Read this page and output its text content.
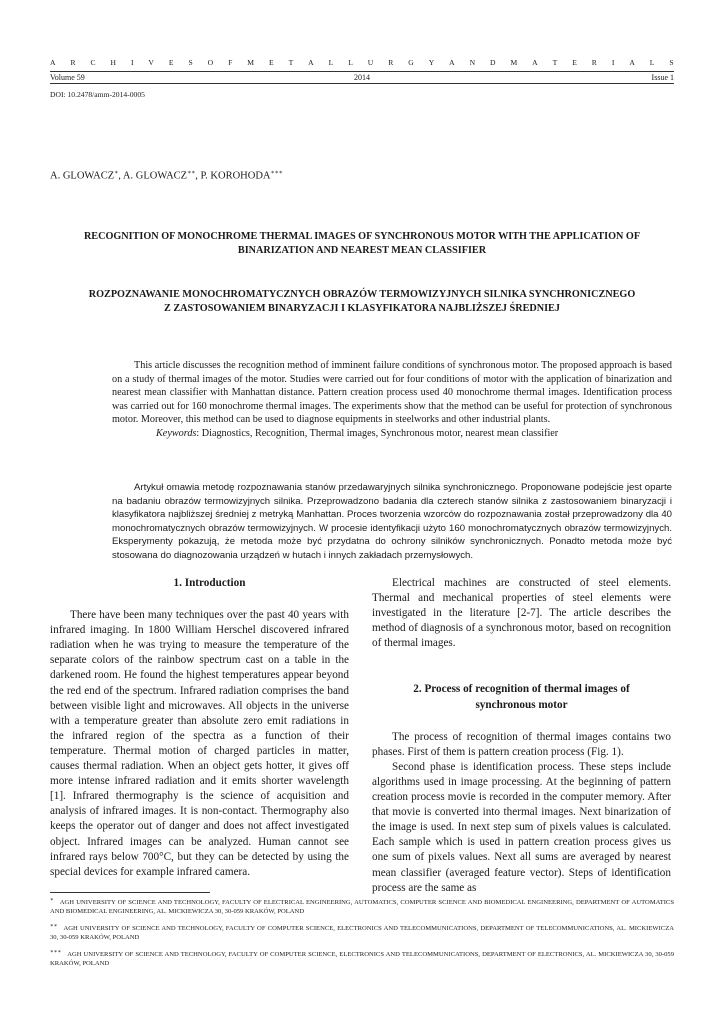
A R C H I V E S O F M E T A L L U R G Y A N D M A T E R I A L S
Volume 59	2014	Issue 1
DOI: 10.2478/amm-2014-0005
A. GLOWACZ∗, A. GLOWACZ∗∗, P. KOROHODA∗∗∗
RECOGNITION OF MONOCHROME THERMAL IMAGES OF SYNCHRONOUS MOTOR WITH THE APPLICATION OF
BINARIZATION AND NEAREST MEAN CLASSIFIER
ROZPOZNAWANIE MONOCHROMATYCZNYCH OBRAZÓW TERMOWIZYJNYCH SILNIKA SYNCHRONICZNEGO
Z ZASTOSOWANIEM BINARYZACJI I KLASYFIKATORA NAJBLIŻSZEJ ŚREDNIEJ

This article discusses the recognition method of imminent failure conditions of synchronous motor. The proposed approach is based on a study of thermal images of the motor. Studies were carried out for four conditions of motor with the application of binarization and nearest mean classifier with Manhattan distance. Pattern creation process used 40 monochrome thermal images. Identification process was carried out for 160 monochrome thermal images. The experiments show that the method can be useful for protection of synchronous motor. Moreover, this method can be used to diagnose equipments in steelworks and other industrial plants.

Keywords: Diagnostics, Recognition, Thermal images, Synchronous motor, nearest mean classifier

Artykuł omawia metodę rozpoznawania stanów przedawaryjnych silnika synchronicznego. Proponowane podejście jest oparte na badaniu obrazów termowizyjnych silnika. Przeprowadzono badania dla czterech stanów silnika z zastosowaniem binaryzacji i klasyfikatora najbliższej średniej z metryką Manhattan. Proces tworzenia wzorców do rozpoznawania został przeprowadzony dla 40 monochromatycznych obrazów termowizyjnych. W procesie identyfikacji użyto 160 monochromatycznych obrazów termowizyjnych. Eksperymenty pokazują, że metoda może być przydatna do ochrony silników synchronicznych. Ponadto metoda może być stosowana do diagnozowania urządzeń w hutach i innych zakładach przemysłowych.

1. Introduction

There have been many techniques over the past 40 years with infrared imaging. In 1800 William Herschel discovered infrared radiation when he was trying to measure the temperature of the separate colors of the rainbow spectrum cast on a table in the darkened room. He found the highest temperatures appear beyond the red end of the spectrum. Infrared radiation comprises the band between visible light and microwaves. All objects in the universe with a temperature greater than absolute zero emit radiations in the infrared region of the spectra as a function of their temperature. Thermal motion of charged particles in matter, causes thermal radiation. When an object gets hotter, it gives off more intense infrared radiation and it emits shorter wavelength [1]. Infrared thermography is the science of acquisition and analysis of infrared images. It is non-contact. Thermography also keeps the operator out of danger and does not affect investigated object. Infrared images can be analyzed. Human cannot see infrared rays below 700°C, but they can be detected by using the special devices for example infrared camera.

Electrical machines are constructed of steel elements. Thermal and mechanical properties of steel elements were investigated in the literature [2-7]. The article describes the method of diagnosis of a synchronous motor, based on recognition of thermal images.

2. Process of recognition of thermal images of
synchronous motor

The process of recognition of thermal images contains two phases. First of them is pattern creation process (Fig. 1).

Second phase is identification process. These steps include algorithms used in image processing. At the beginning of pattern creation process movie is recorded in the computer memory. After that movie is converted into thermal images. Next binarization of the image is used. In next step sum of pixels values is calculated. Each sample which is used in pattern creation process gives us one sum of pixels values. Next all sums are averaged by nearest mean classifier (averaged feature vector). Steps of identification process are the same as

∗ AGH UNIVERSITY OF SCIENCE AND TECHNOLOGY, FACULTY OF ELECTRICAL ENGINEERING, AUTOMATICS, COMPUTER SCIENCE AND BIOMEDICAL ENGINEERING, DEPARTMENT OF AUTOMATICS AND BIOMEDICAL ENGINEERING, AL. MICKIEWICZA 30, 30-059 KRAKÓW, POLAND

∗∗ AGH UNIVERSITY OF SCIENCE AND TECHNOLOGY, FACULTY OF COMPUTER SCIENCE, ELECTRONICS AND TELECOMMUNICATIONS, DEPARTMENT OF TELECOMMUNICATIONS, AL. MICKIEWICZA 30, 30-059 KRAKÓW, POLAND

∗∗∗ AGH UNIVERSITY OF SCIENCE AND TECHNOLOGY, FACULTY OF COMPUTER SCIENCE, ELECTRONICS AND TELECOMMUNICATIONS, DEPARTMENT OF ELECTRONICS, AL. MICKIEWICZA 30, 30-059 KRAKÓW, POLAND
